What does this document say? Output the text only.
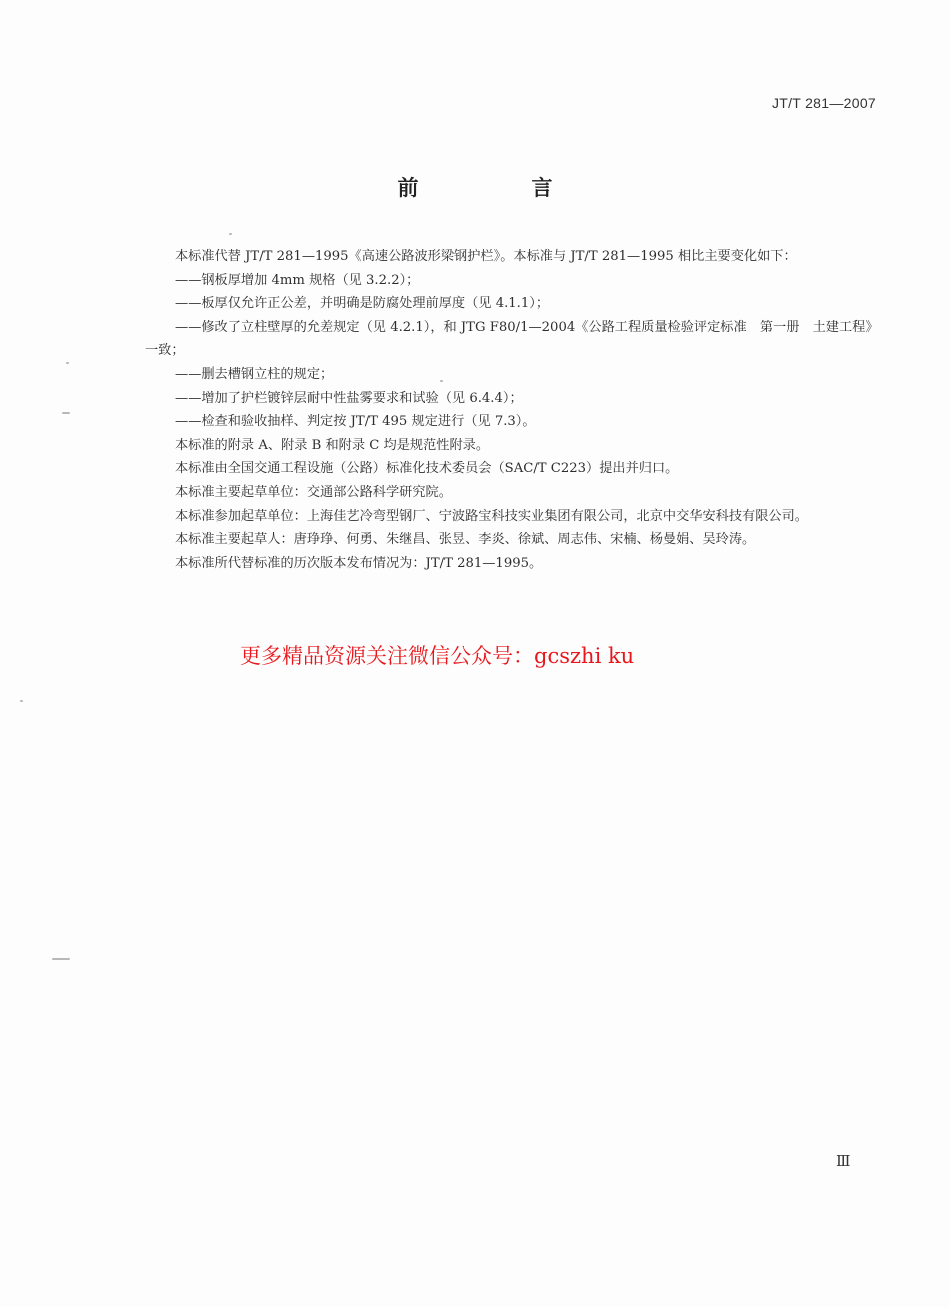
JT/T 281—2007
前　言

本标准代替 JT/T 281—1995《高速公路波形梁钢护栏》。本标准与 JT/T 281—1995 相比主要变化如下：

——钢板厚增加 4mm 规格（见 3.2.2）；

——板厚仅允许正公差，并明确是防腐处理前厚度（见 4.1.1）；

——修改了立柱壁厚的允差规定（见 4.2.1），和 JTG F80/1—2004《公路工程质量检验评定标准　第一册　土建工程》一致；

——删去槽钢立柱的规定；

——增加了护栏镀锌层耐中性盐雾要求和试验（见 6.4.4）；

——检查和验收抽样、判定按 JT/T 495 规定进行（见 7.3）。

本标准的附录 A、附录 B 和附录 C 均是规范性附录。

本标准由全国交通工程设施（公路）标准化技术委员会（SAC/T C223）提出并归口。

本标准主要起草单位：交通部公路科学研究院。

本标准参加起草单位：上海佳艺冷弯型钢厂、宁波路宝科技实业集团有限公司，北京中交华安科技有限公司。

本标准主要起草人：唐琤琤、何勇、朱继昌、张昱、李炎、徐斌、周志伟、宋楠、杨曼娟、吴玲涛。

本标准所代替标准的历次版本发布情况为：JT/T 281—1995。

更多精品资源关注微信公众号：gcszhi ku
Ⅲ
